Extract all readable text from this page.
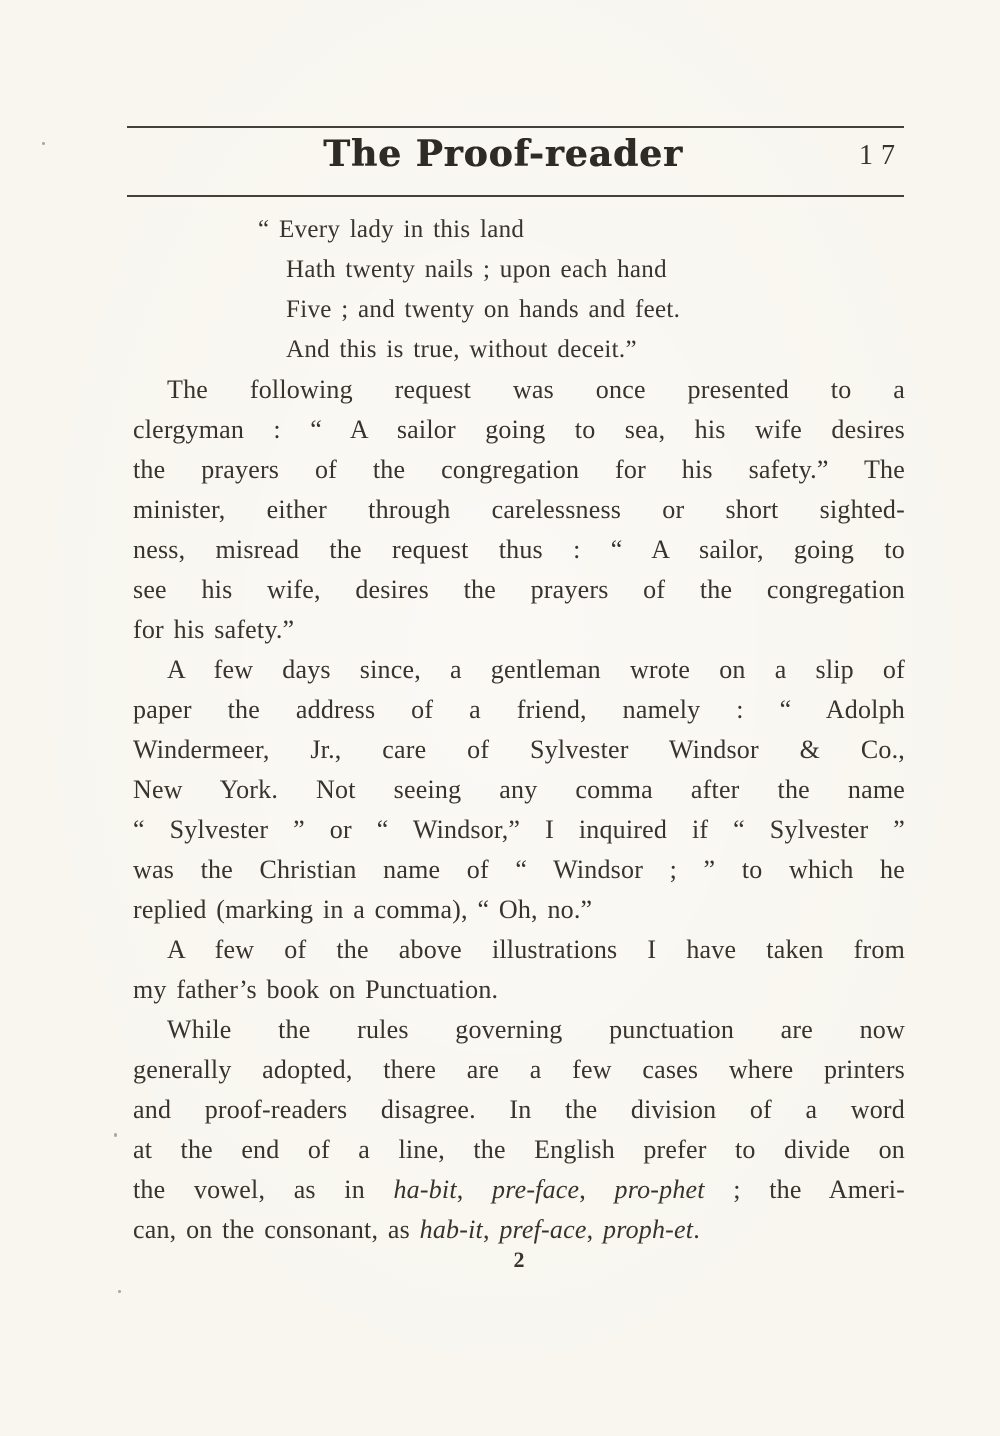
The Proof-reader	17
“ Every lady in this land
Hath twenty nails ; upon each hand
Five ; and twenty on hands and feet.
And this is true, without deceit.”
The following request was once presented to a
clergyman : “ A sailor going to sea, his wife desires
the prayers of the congregation for his safety.” The
minister, either through carelessness or short sighted-
ness, misread the request thus : “ A sailor, going to
see his wife, desires the prayers of the congregation
for his safety.”
A few days since, a gentleman wrote on a slip of
paper the address of a friend, namely : “ Adolph
Windermeer, Jr., care of Sylvester Windsor & Co.,
New York. Not seeing any comma after the name
“ Sylvester ” or “ Windsor,” I inquired if “ Sylvester ”
was the Christian name of “ Windsor ; ” to which he
replied (marking in a comma), “ Oh, no.”
A few of the above illustrations I have taken from
my father’s book on Punctuation.
While the rules governing punctuation are now
generally adopted, there are a few cases where printers
and proof-readers disagree. In the division of a word
at the end of a line, the English prefer to divide on
the vowel, as in ha-bit, pre-face, pro-phet ; the Ameri-
can, on the consonant, as hab-it, pref-ace, proph-et.
2
